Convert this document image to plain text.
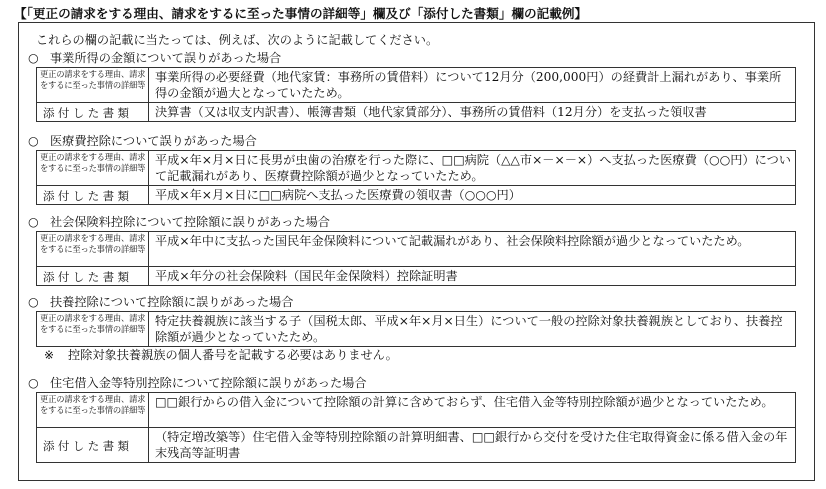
【「更正の請求をする理由、請求をするに至った事情の詳細等」欄及び「添付した書類」欄の記載例】
これらの欄の記載に当たっては、例えば、次のように記載してください。
○ 事業所得の金額について誤りがあった場合
更正の請求をする理由、請求
をするに至った事情の詳細等	事業所得の必要経費（地代家賃：事務所の賃借料）について12月分（200,000円）の経費計上漏れがあり、事業所得の金額が過大となっていたため。
添付した書類	決算書（又は収支内訳書）、帳簿書類（地代家賃部分）、事務所の賃借料（12月分）を支払った領収書
○ 医療費控除について誤りがあった場合
更正の請求をする理由、請求
をするに至った事情の詳細等	平成×年×月×日に長男が虫歯の治療を行った際に、□□病院（△△市×－×－×）へ支払った医療費（○○円）について記載漏れがあり、医療費控除額が過少となっていたため。
添付した書類	平成×年×月×日に□□病院へ支払った医療費の領収書（○○○円）
○ 社会保険料控除について控除額に誤りがあった場合
更正の請求をする理由、請求
をするに至った事情の詳細等	平成×年中に支払った国民年金保険料について記載漏れがあり、社会保険料控除額が過少となっていたため。
添付した書類	平成×年分の社会保険料（国民年金保険料）控除証明書
○ 扶養控除について控除額に誤りがあった場合
更正の請求をする理由、請求
をするに至った事情の詳細等	特定扶養親族に該当する子（国税太郎、平成×年×月×日生）について一般の控除対象扶養親族としており、扶養控除額が過少となっていたため。
※ 控除対象扶養親族の個人番号を記載する必要はありません。
○ 住宅借入金等特別控除について控除額に誤りがあった場合
更正の請求をする理由、請求
をするに至った事情の詳細等	□□銀行からの借入金について控除額の計算に含めておらず、住宅借入金等特別控除額が過少となっていたため。
添付した書類	（特定増改築等）住宅借入金等特別控除額の計算明細書、□□銀行から交付を受けた住宅取得資金に係る借入金の年末残高等証明書
